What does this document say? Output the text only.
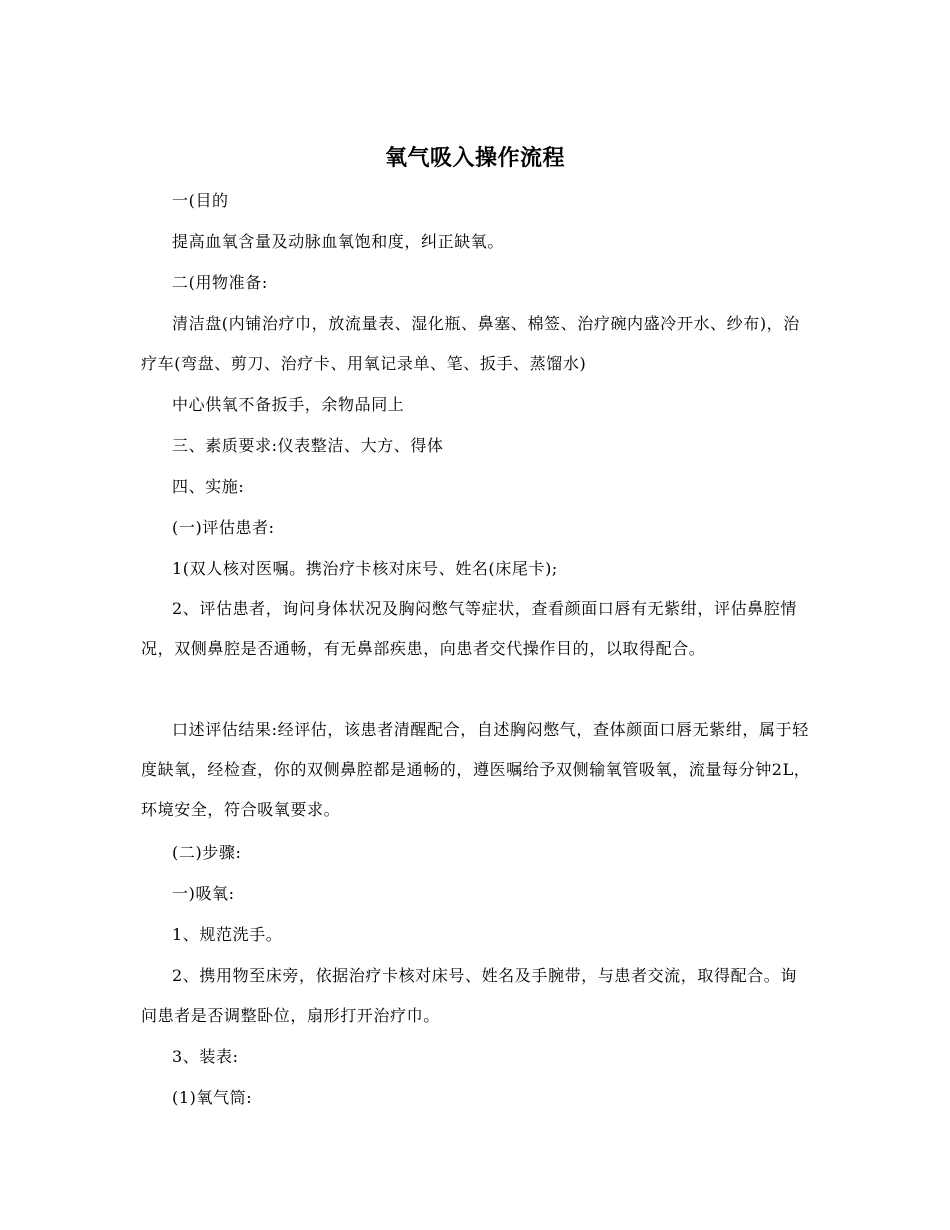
氧气吸入操作流程

一(目的

提高血氧含量及动脉血氧饱和度，纠正缺氧。

二(用物准备:

清洁盘(内铺治疗巾，放流量表、湿化瓶、鼻塞、棉签、治疗碗内盛冷开水、纱布)，治疗车(弯盘、剪刀、治疗卡、用氧记录单、笔、扳手、蒸馏水)

中心供氧不备扳手，余物品同上

三、素质要求:仪表整洁、大方、得体

四、实施:

(一)评估患者:

1(双人核对医嘱。携治疗卡核对床号、姓名(床尾卡);

2、评估患者，询问身体状况及胸闷憋气等症状，查看颜面口唇有无紫绀，评估鼻腔情况，双侧鼻腔是否通畅，有无鼻部疾患，向患者交代操作目的，以取得配合。

口述评估结果:经评估，该患者清醒配合，自述胸闷憋气，查体颜面口唇无紫绀，属于轻度缺氧，经检查，你的双侧鼻腔都是通畅的，遵医嘱给予双侧输氧管吸氧，流量每分钟2L，环境安全，符合吸氧要求。

(二)步骤:

一)吸氧:

1、规范洗手。

2、携用物至床旁，依据治疗卡核对床号、姓名及手腕带，与患者交流，取得配合。询问患者是否调整卧位，扇形打开治疗巾。

3、装表:

(1)氧气筒:
